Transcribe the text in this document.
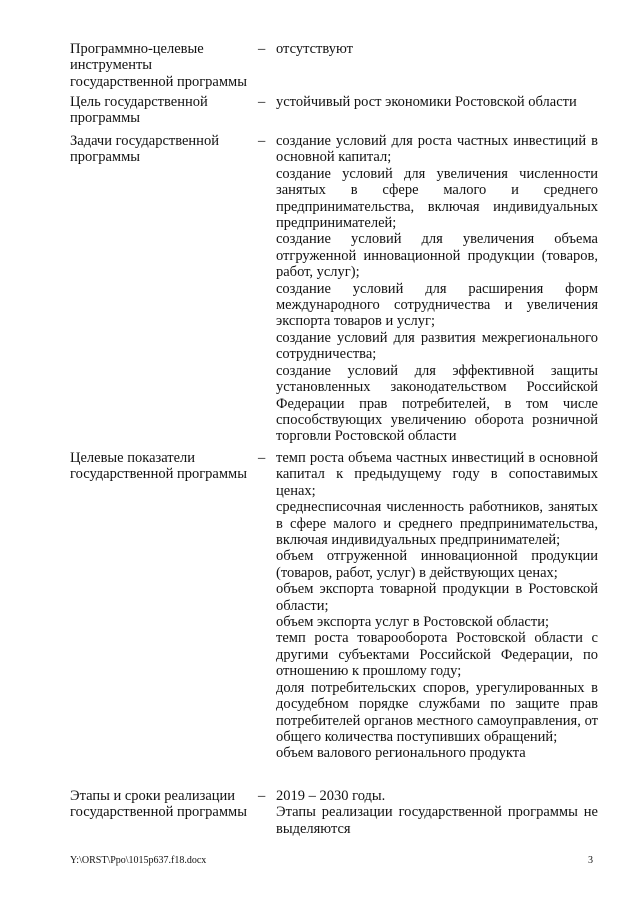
Программно-целевые инструменты государственной программы
– отсутствуют

Цель государственной программы
– устойчивый рост экономики Ростовской области

Задачи государственной программы
– создание условий для роста частных инвестиций в основной капитал;

создание условий для увеличения численности занятых в сфере малого и среднего предпринимательства, включая индивидуальных предпринимателей;

создание условий для увеличения объема отгруженной инновационной продукции (товаров, работ, услуг);

создание условий для расширения форм международного сотрудничества и увеличения экспорта товаров и услуг;

создание условий для развития межрегионального сотрудничества;

создание условий для эффективной защиты установленных законодательством Российской Федерации прав потребителей, в том числе способствующих увеличению оборота розничной торговли Ростовской области

Целевые показатели государственной программы
– темп роста объема частных инвестиций в основной капитал к предыдущему году в сопоставимых ценах;

среднесписочная численность работников, занятых в сфере малого и среднего предпринимательства, включая индивидуальных предпринимателей;

объем отгруженной инновационной продукции (товаров, работ, услуг) в действующих ценах;

объем экспорта товарной продукции в Ростовской области;

объем экспорта услуг в Ростовской области;

темп роста товарооборота Ростовской области с другими субъектами Российской Федерации, по отношению к прошлому году;

доля потребительских споров, урегулированных в досудебном порядке службами по защите прав потребителей органов местного самоуправления, от общего количества поступивших обращений;

объем валового регионального продукта

Этапы и сроки реализации государственной программы
– 2019 – 2030 годы.

Этапы реализации государственной программы не выделяются

Y:\ORST\Ppo\1015p637.f18.docx	3
